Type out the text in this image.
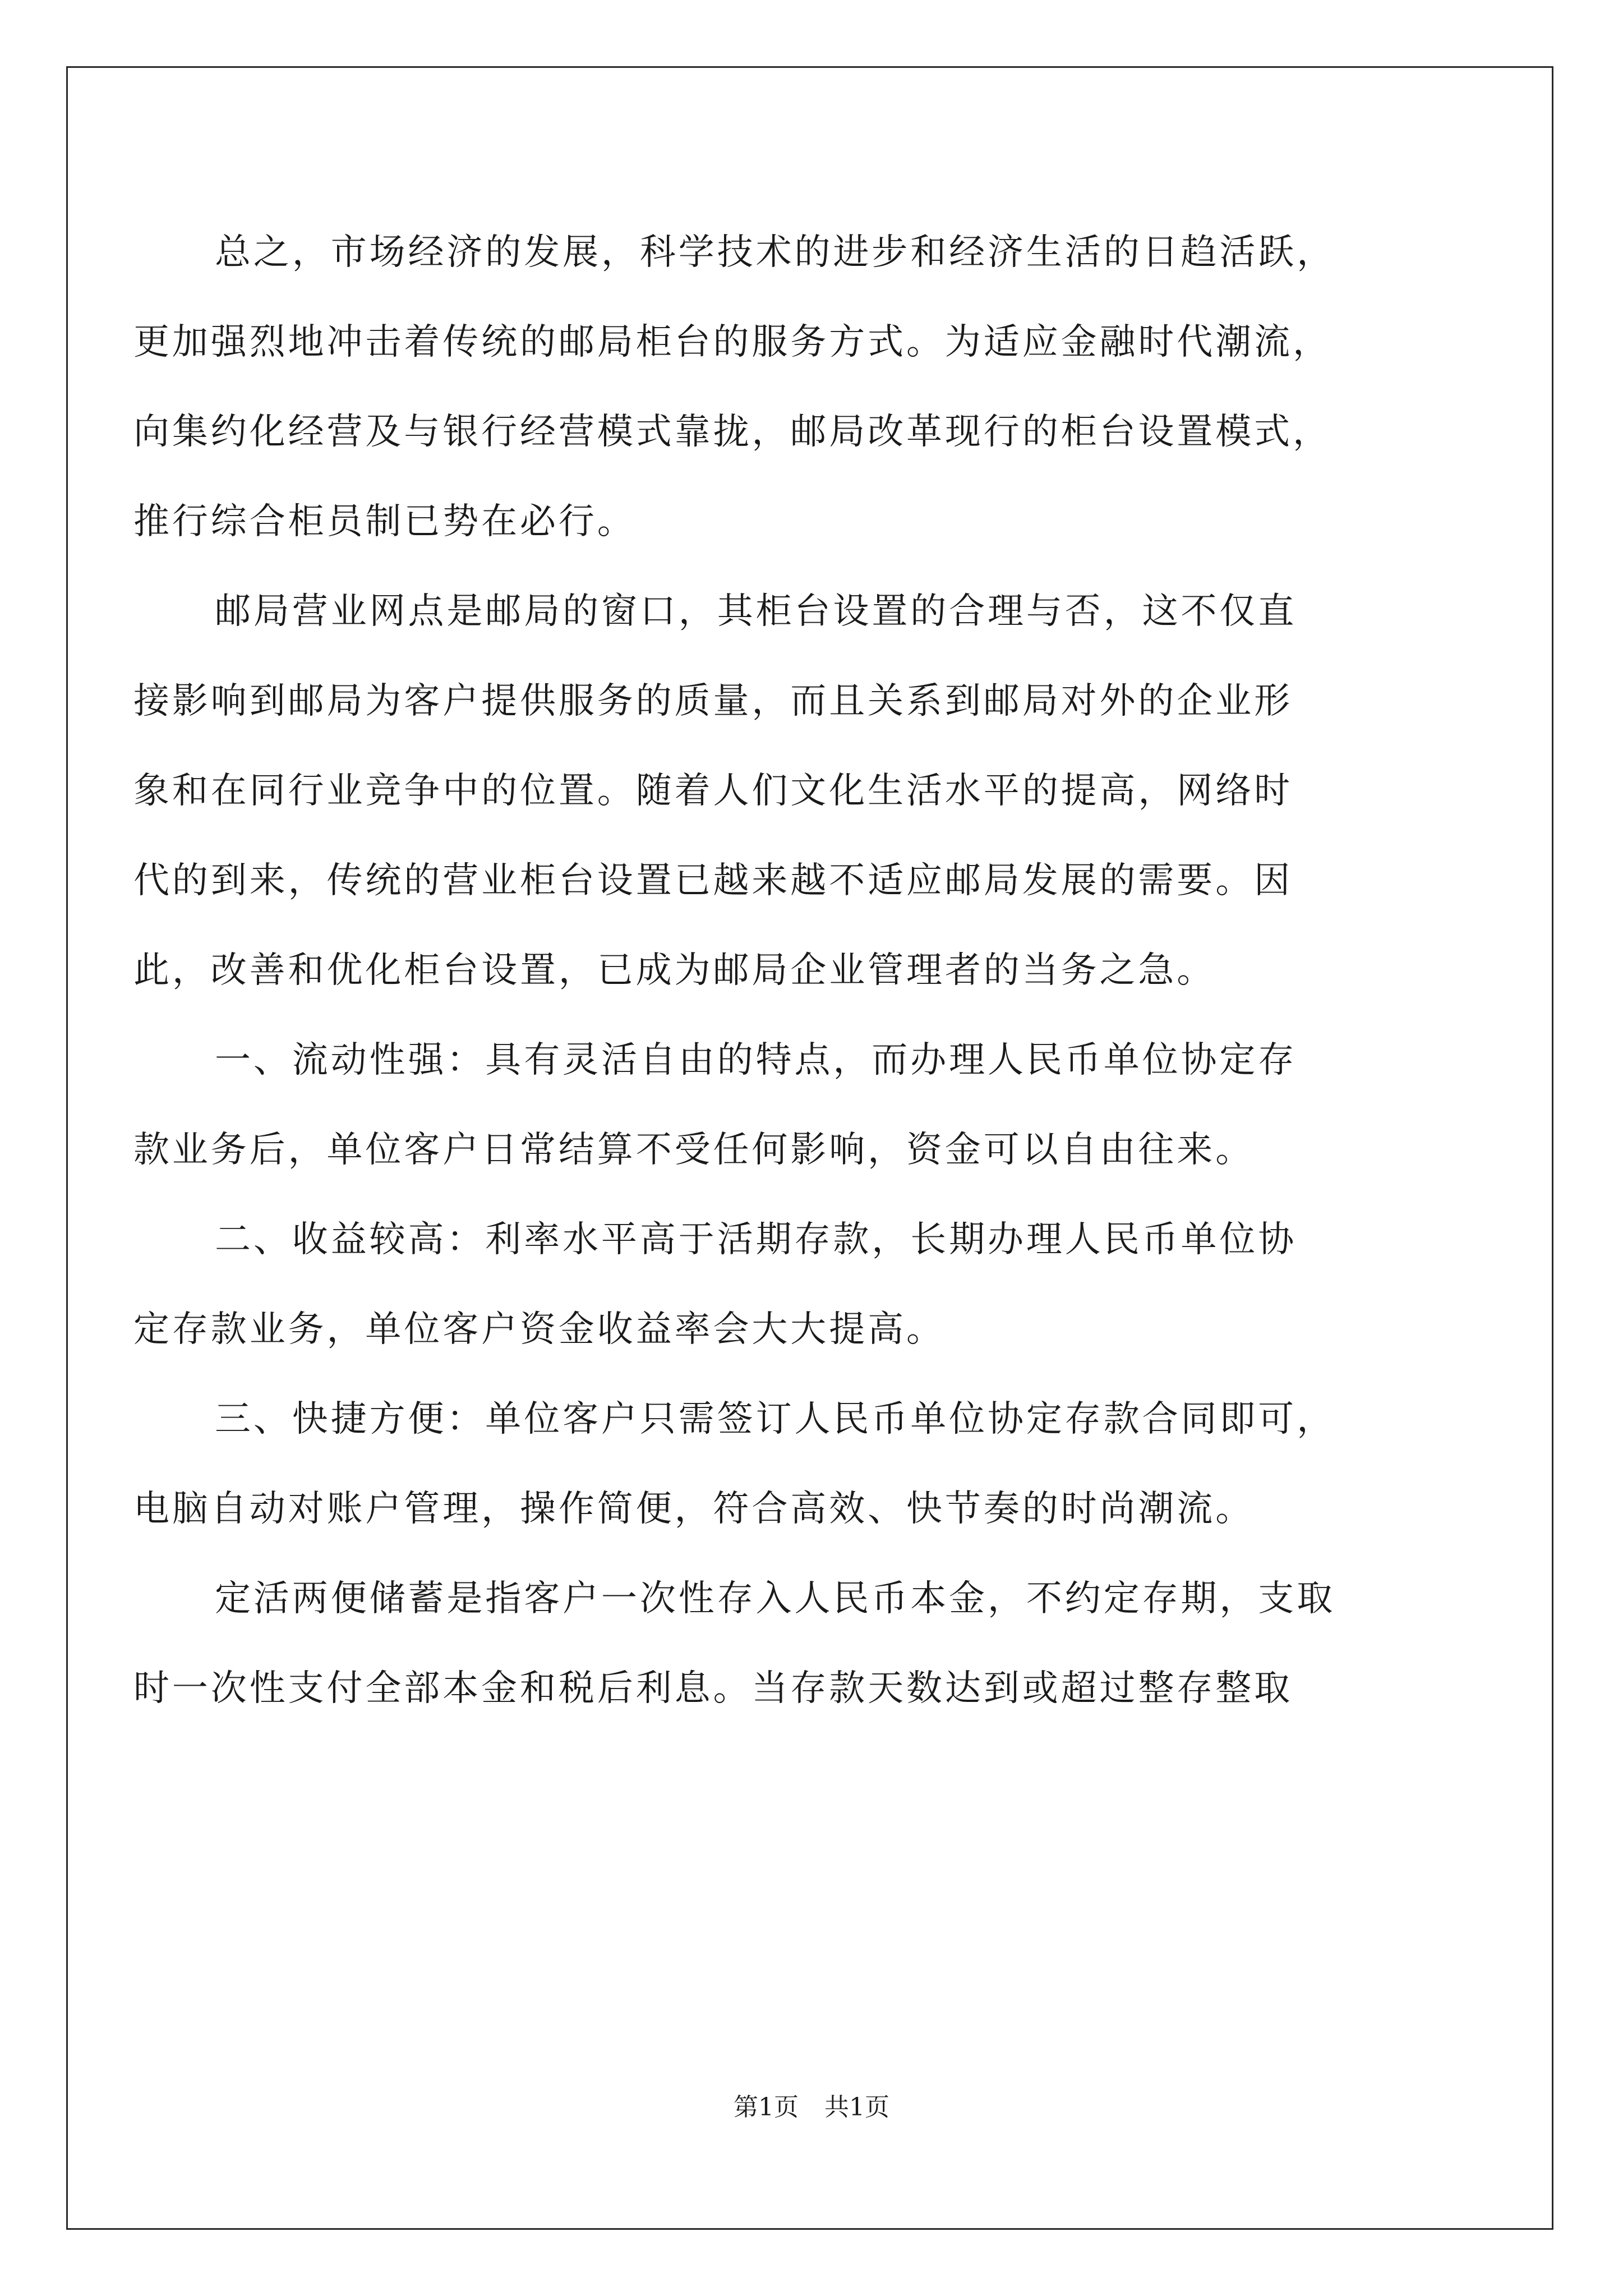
总之，市场经济的发展，科学技术的进步和经济生活的日趋活跃，
更加强烈地冲击着传统的邮局柜台的服务方式。为适应金融时代潮流，
向集约化经营及与银行经营模式靠拢，邮局改革现行的柜台设置模式，
推行综合柜员制已势在必行。
邮局营业网点是邮局的窗口，其柜台设置的合理与否，这不仅直
接影响到邮局为客户提供服务的质量，而且关系到邮局对外的企业形
象和在同行业竞争中的位置。随着人们文化生活水平的提高，网络时
代的到来，传统的营业柜台设置已越来越不适应邮局发展的需要。因
此，改善和优化柜台设置，已成为邮局企业管理者的当务之急。
一、流动性强：具有灵活自由的特点，而办理人民币单位协定存
款业务后，单位客户日常结算不受任何影响，资金可以自由往来。
二、收益较高：利率水平高于活期存款，长期办理人民币单位协
定存款业务，单位客户资金收益率会大大提高。
三、快捷方便：单位客户只需签订人民币单位协定存款合同即可，
电脑自动对账户管理，操作简便，符合高效、快节奏的时尚潮流。
定活两便储蓄是指客户一次性存入人民币本金，不约定存期，支取
时一次性支付全部本金和税后利息。当存款天数达到或超过整存整取
第1页 共1页
